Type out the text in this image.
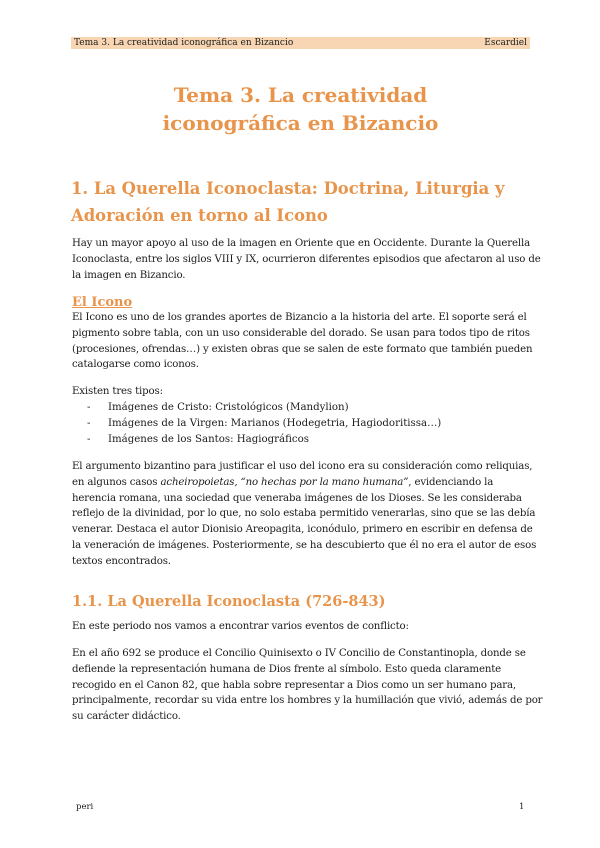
Tema 3. La creatividad iconográfica en Bizancio	Escardiel
Tema 3. La creatividad
iconográfica en Bizancio
1. La Querella Iconoclasta: Doctrina, Liturgia y
Adoración en torno al Icono

Hay un mayor apoyo al uso de la imagen en Oriente que en Occidente. Durante la Querella
Iconoclasta, entre los siglos VIII y IX, ocurrieron diferentes episodios que afectaron al uso de
la imagen en Bizancio.

El Icono

El Icono es uno de los grandes aportes de Bizancio a la historia del arte. El soporte será el
pigmento sobre tabla, con un uso considerable del dorado. Se usan para todos tipo de ritos
(procesiones, ofrendas…) y existen obras que se salen de este formato que también pueden
catalogarse como iconos.

Existen tres tipos:

- Imágenes de Cristo: Cristológicos (Mandylion)
- Imágenes de la Virgen: Marianos (Hodegetria, Hagiodoritissa…)
- Imágenes de los Santos: Hagiográficos

El argumento bizantino para justificar el uso del icono era su consideración como reliquias,
en algunos casos acheiropoietas, “no hechas por la mano humana”, evidenciando la
herencia romana, una sociedad que veneraba imágenes de los Dioses. Se les consideraba
reflejo de la divinidad, por lo que, no solo estaba permitido venerarlas, sino que se las debía
venerar. Destaca el autor Dionisio Areopagita, iconódulo, primero en escribir en defensa de
la veneración de imágenes. Posteriormente, se ha descubierto que él no era el autor de esos
textos encontrados.

1.1. La Querella Iconoclasta (726-843)

En este periodo nos vamos a encontrar varios eventos de conflicto:

En el año 692 se produce el Concilio Quinisexto o IV Concilio de Constantinopla, donde se
defiende la representación humana de Dios frente al símbolo. Esto queda claramente
recogido en el Canon 82, que habla sobre representar a Dios como un ser humano para,
principalmente, recordar su vida entre los hombres y la humillación que vivió, además de por
su carácter didáctico.

peri	1
